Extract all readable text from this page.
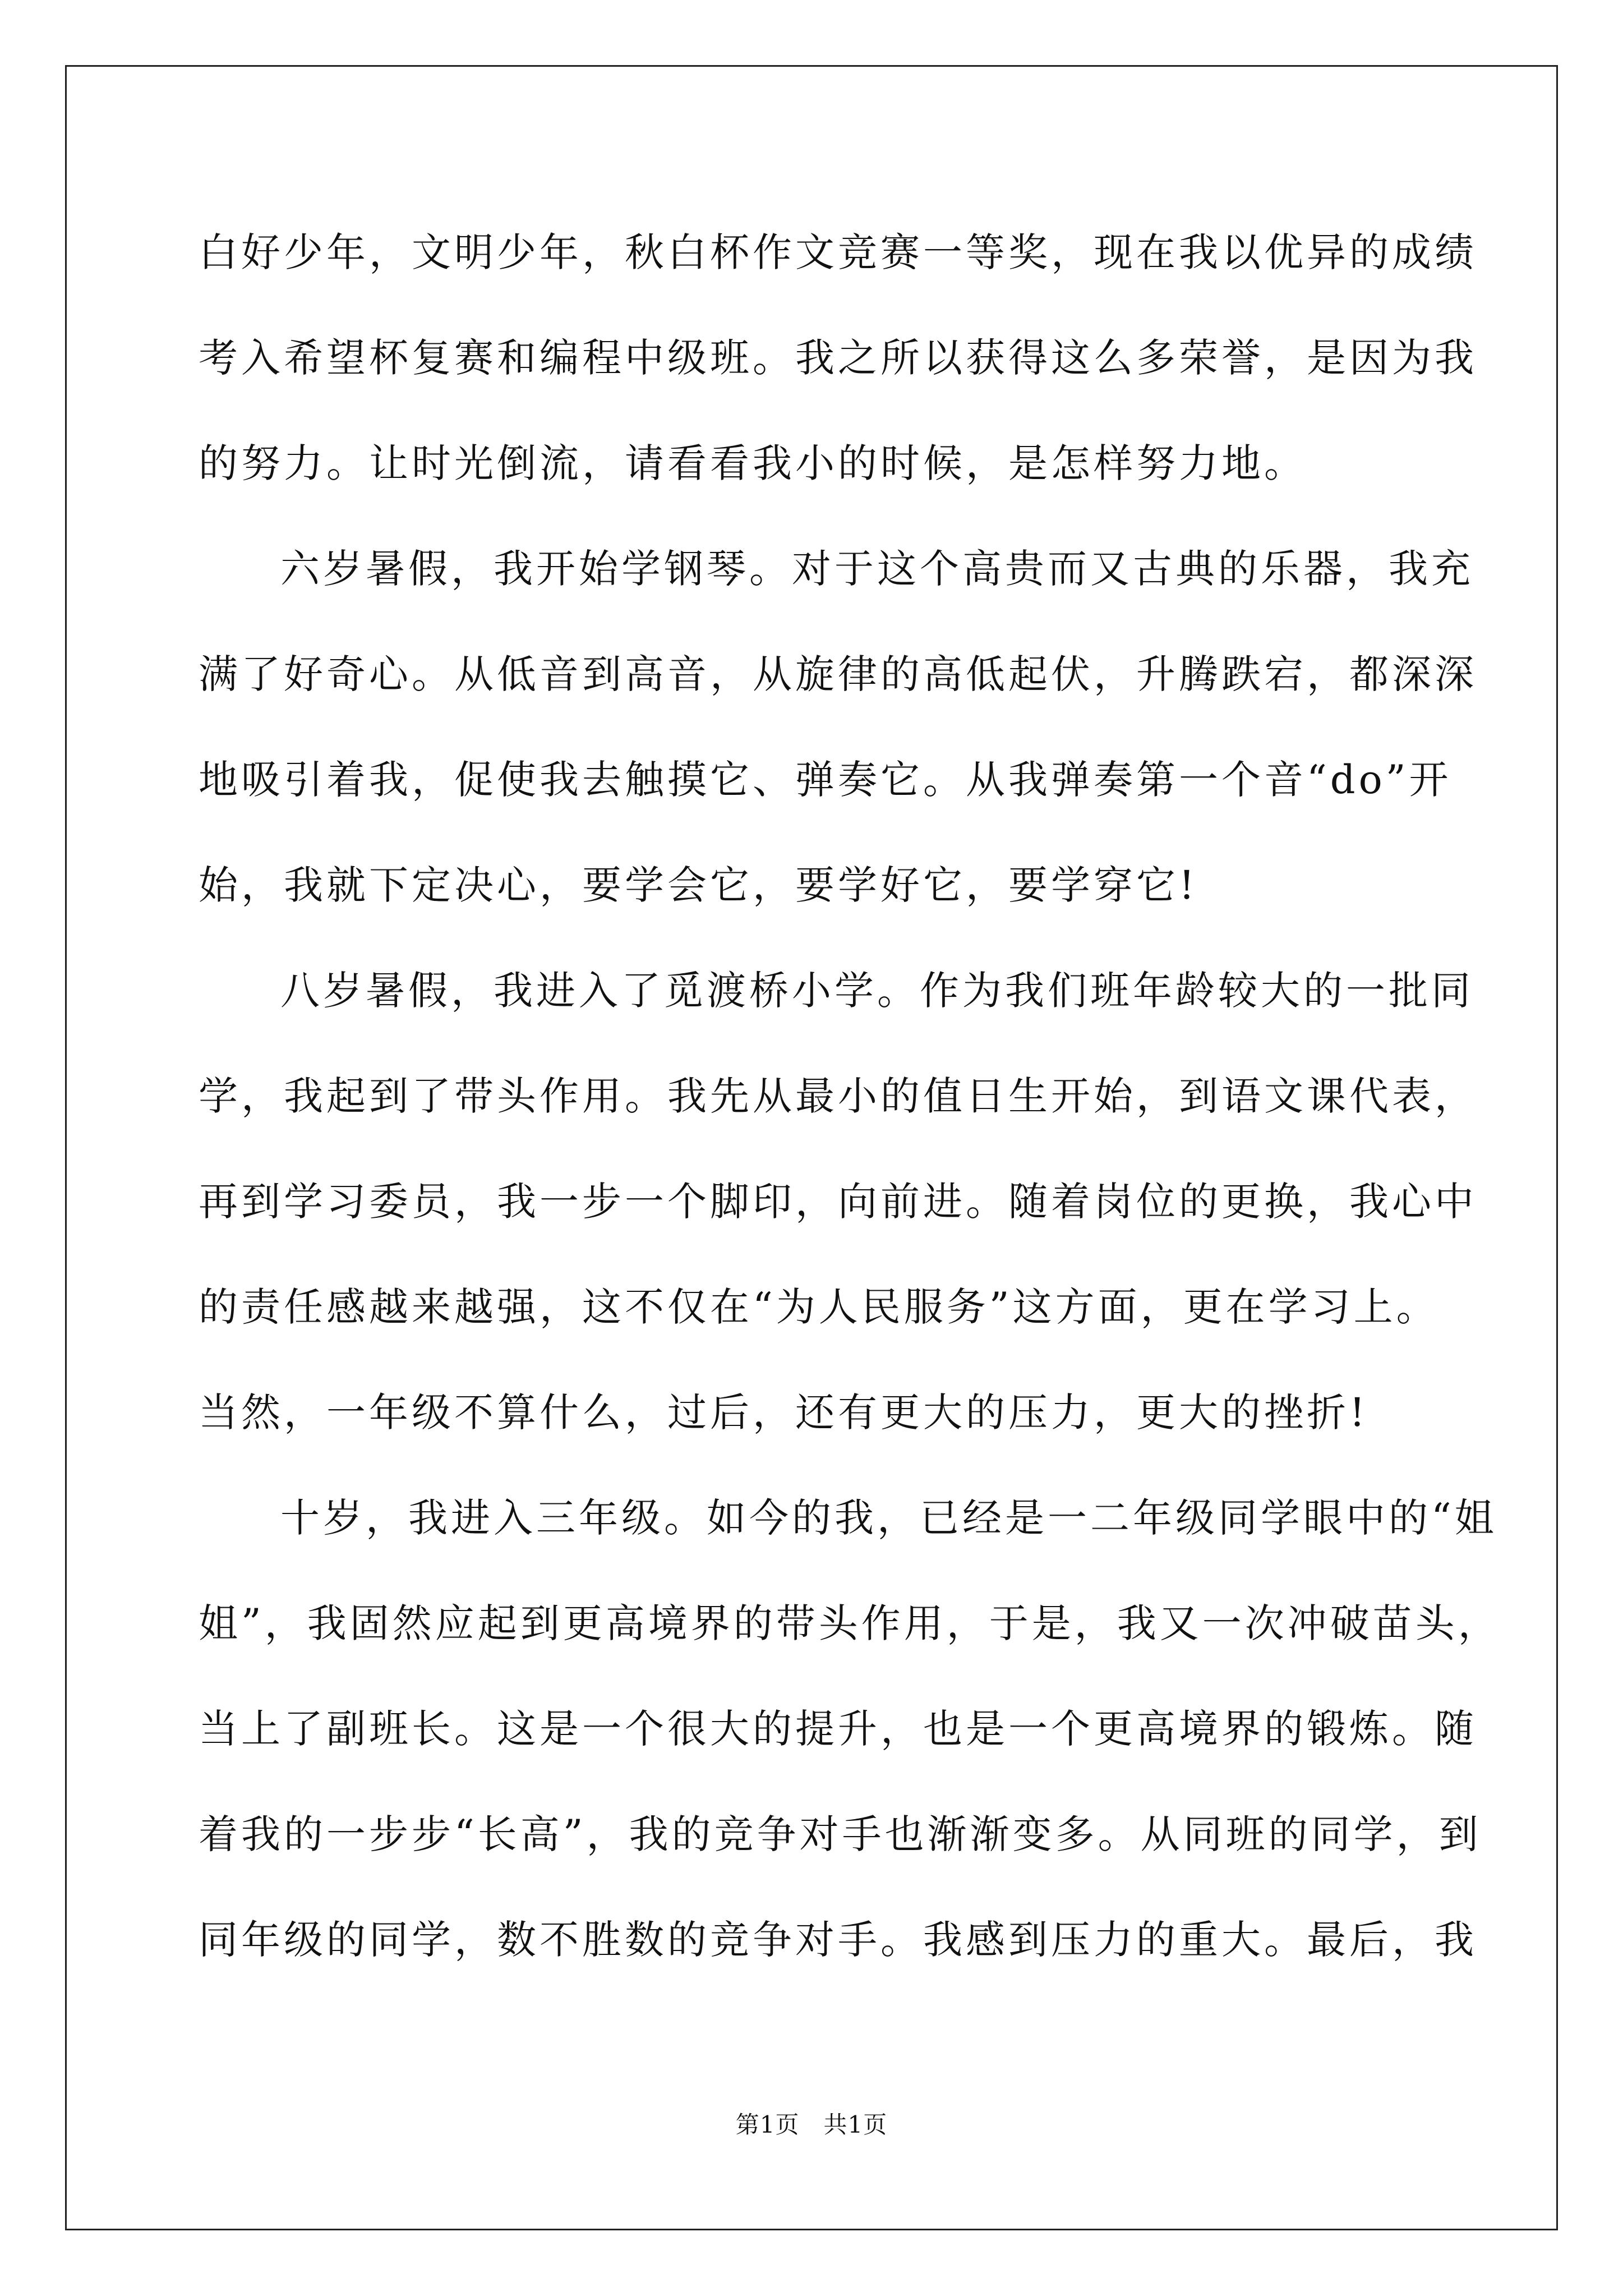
白好少年，文明少年，秋白杯作文竞赛一等奖，现在我以优异的成绩
考入希望杯复赛和编程中级班。我之所以获得这么多荣誉，是因为我
的努力。让时光倒流，请看看我小的时候，是怎样努力地。
六岁暑假，我开始学钢琴。对于这个高贵而又古典的乐器，我充
满了好奇心。从低音到高音，从旋律的高低起伏，升腾跌宕，都深深
地吸引着我，促使我去触摸它、弹奏它。从我弹奏第一个音“do”开
始，我就下定决心，要学会它，要学好它，要学穿它!
八岁暑假，我进入了觅渡桥小学。作为我们班年龄较大的一批同
学，我起到了带头作用。我先从最小的值日生开始，到语文课代表，
再到学习委员，我一步一个脚印，向前进。随着岗位的更换，我心中
的责任感越来越强，这不仅在“为人民服务”这方面，更在学习上。
当然，一年级不算什么，过后，还有更大的压力，更大的挫折!
十岁，我进入三年级。如今的我，已经是一二年级同学眼中的“姐
姐”，我固然应起到更高境界的带头作用，于是，我又一次冲破苗头，
当上了副班长。这是一个很大的提升，也是一个更高境界的锻炼。随
着我的一步步“长高”，我的竞争对手也渐渐变多。从同班的同学，到
同年级的同学，数不胜数的竞争对手。我感到压力的重大。最后，我
第1页   共1页
